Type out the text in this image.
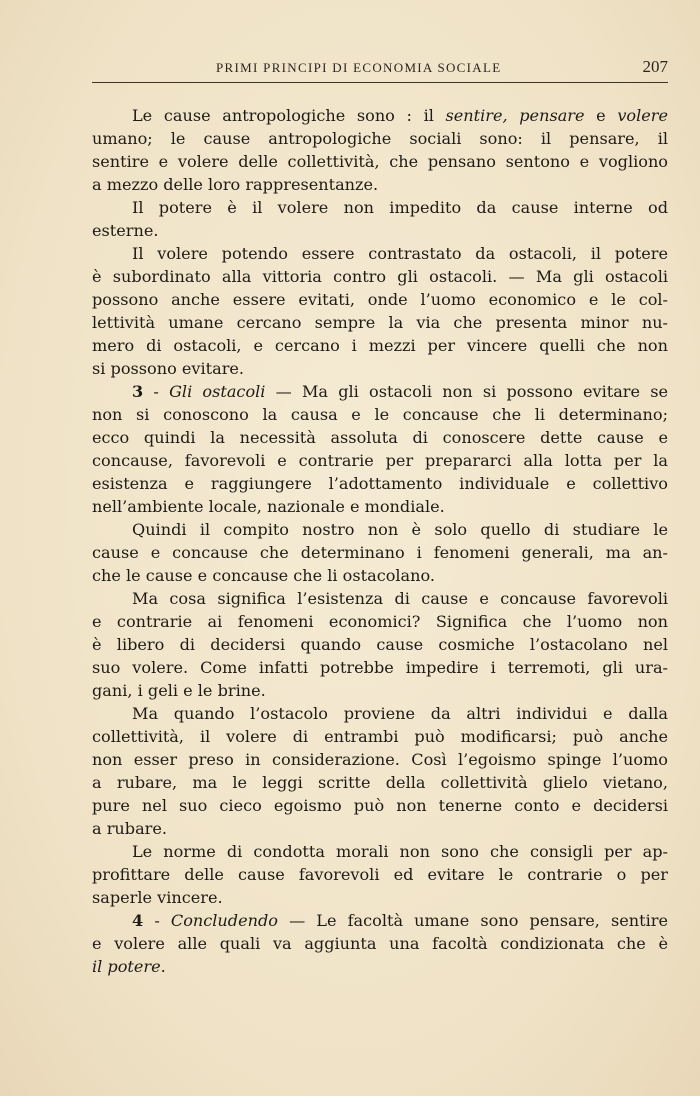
PRIMI PRINCIPI DI ECONOMIA SOCIALE	207
Le cause antropologiche sono : il sentire, pensare e volere
umano; le cause antropologiche sociali sono: il pensare, il
sentire e volere delle collettività, che pensano sentono e vogliono
a mezzo delle loro rappresentanze.
Il potere è il volere non impedito da cause interne od
esterne.
Il volere potendo essere contrastato da ostacoli, il potere
è subordinato alla vittoria contro gli ostacoli. — Ma gli ostacoli
possono anche essere evitati, onde l’uomo economico e le col-
lettività umane cercano sempre la via che presenta minor nu-
mero di ostacoli, e cercano i mezzi per vincere quelli che non
si possono evitare.
3 - Gli ostacoli — Ma gli ostacoli non si possono evitare se
non si conoscono la causa e le concause che li determinano;
ecco quindi la necessità assoluta di conoscere dette cause e
concause, favorevoli e contrarie per prepararci alla lotta per la
esistenza e raggiungere l’adottamento individuale e collettivo
nell’ambiente locale, nazionale e mondiale.
Quindi il compito nostro non è solo quello di studiare le
cause e concause che determinano i fenomeni generali, ma an-
che le cause e concause che li ostacolano.
Ma cosa significa l’esistenza di cause e concause favorevoli
e contrarie ai fenomeni economici? Significa che l’uomo non
è libero di decidersi quando cause cosmiche l’ostacolano nel
suo volere. Come infatti potrebbe impedire i terremoti, gli ura-
gani, i geli e le brine.
Ma quando l’ostacolo proviene da altri individui e dalla
collettività, il volere di entrambi può modificarsi; può anche
non esser preso in considerazione. Così l’egoismo spinge l’uomo
a rubare, ma le leggi scritte della collettività glielo vietano,
pure nel suo cieco egoismo può non tenerne conto e decidersi
a rubare.
Le norme di condotta morali non sono che consigli per ap-
profittare delle cause favorevoli ed evitare le contrarie o per
saperle vincere.
4 - Concludendo — Le facoltà umane sono pensare, sentire
e volere alle quali va aggiunta una facoltà condizionata che è
il potere.
